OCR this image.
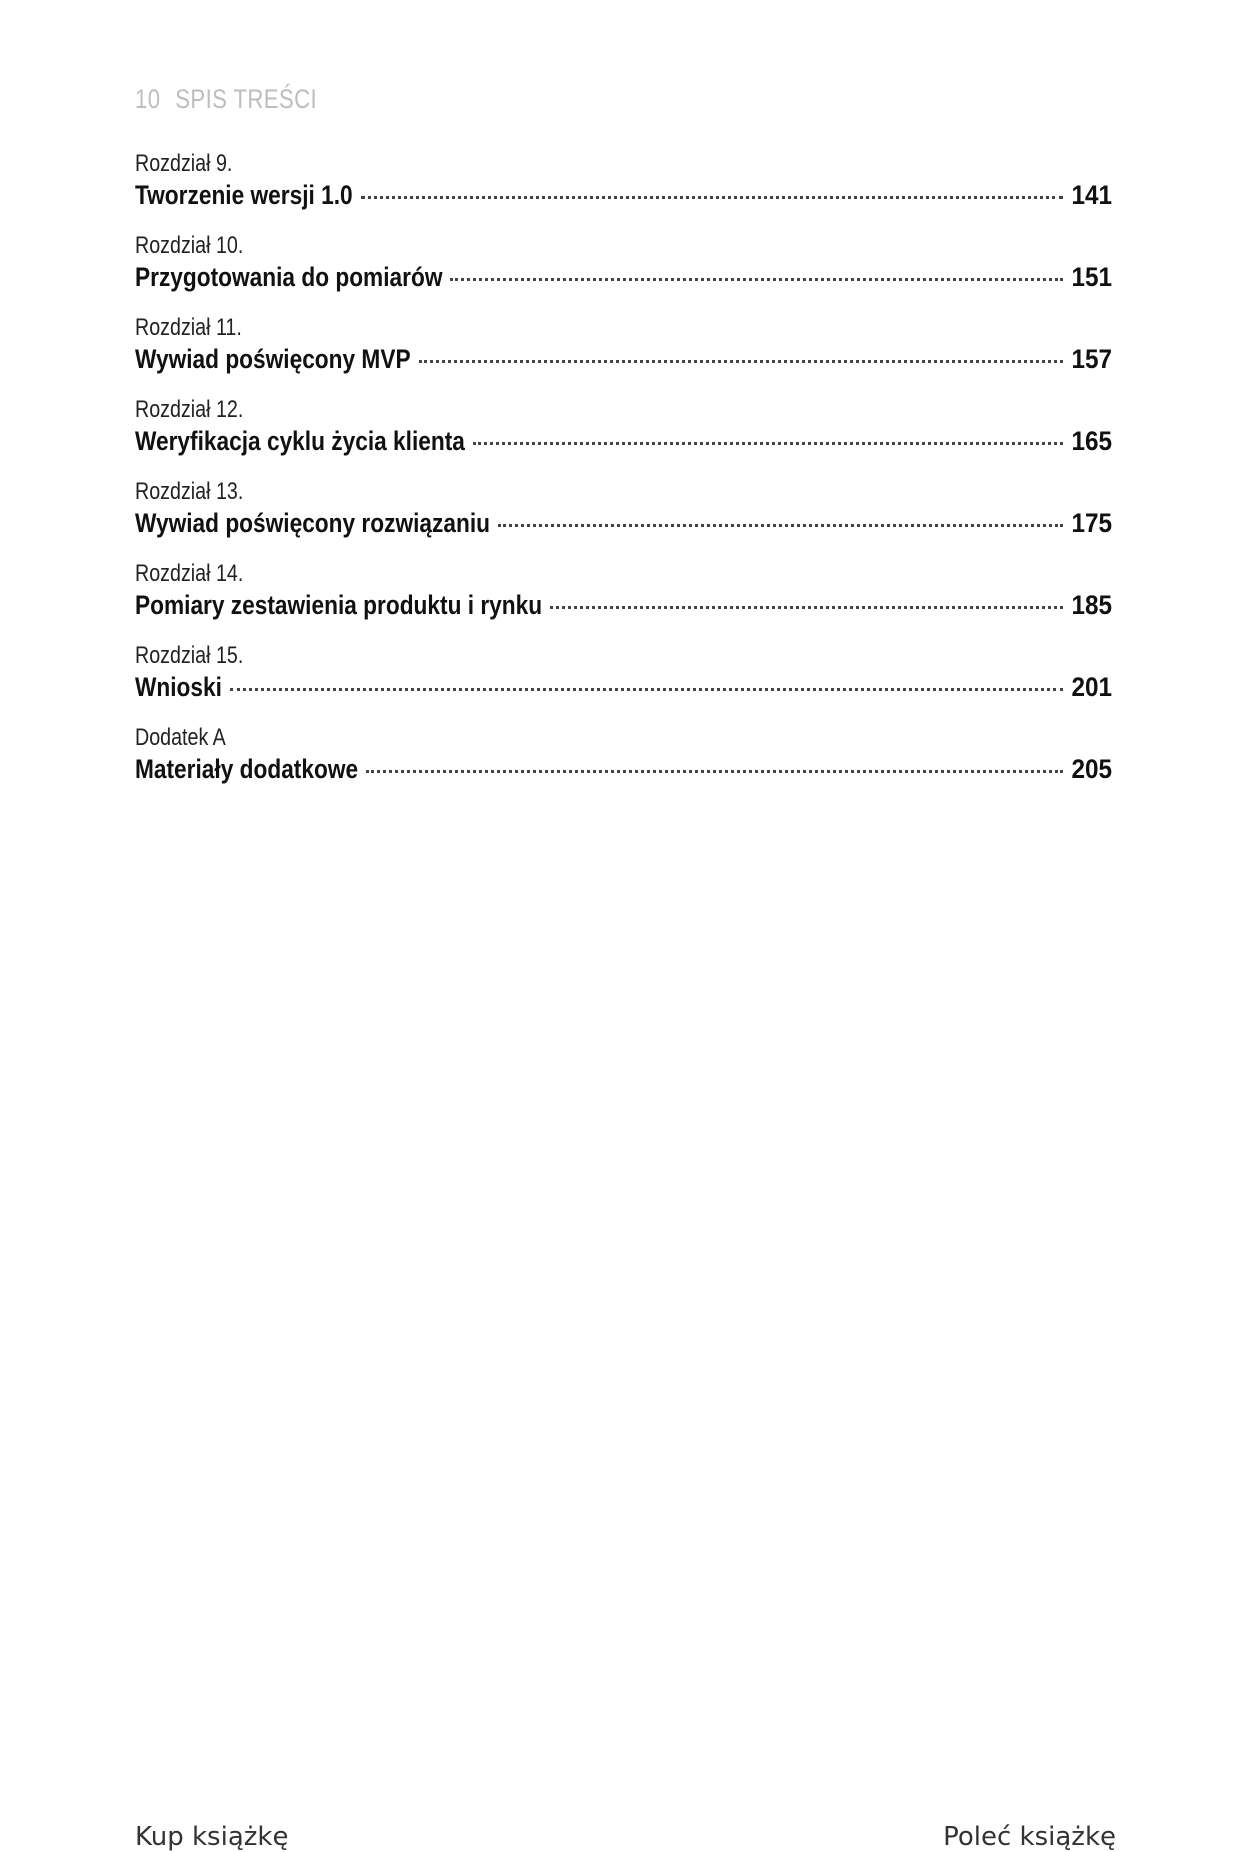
10 SPIS TREŚCI
Rozdział 9.
Tworzenie wersji 1.0	141
Rozdział 10.
Przygotowania do pomiarów	151
Rozdział 11.
Wywiad poświęcony MVP	157
Rozdział 12.
Weryfikacja cyklu życia klienta	165
Rozdział 13.
Wywiad poświęcony rozwiązaniu	175
Rozdział 14.
Pomiary zestawienia produktu i rynku	185
Rozdział 15.
Wnioski	201
Dodatek A
Materiały dodatkowe	205
Kup książkę	Poleć książkę
